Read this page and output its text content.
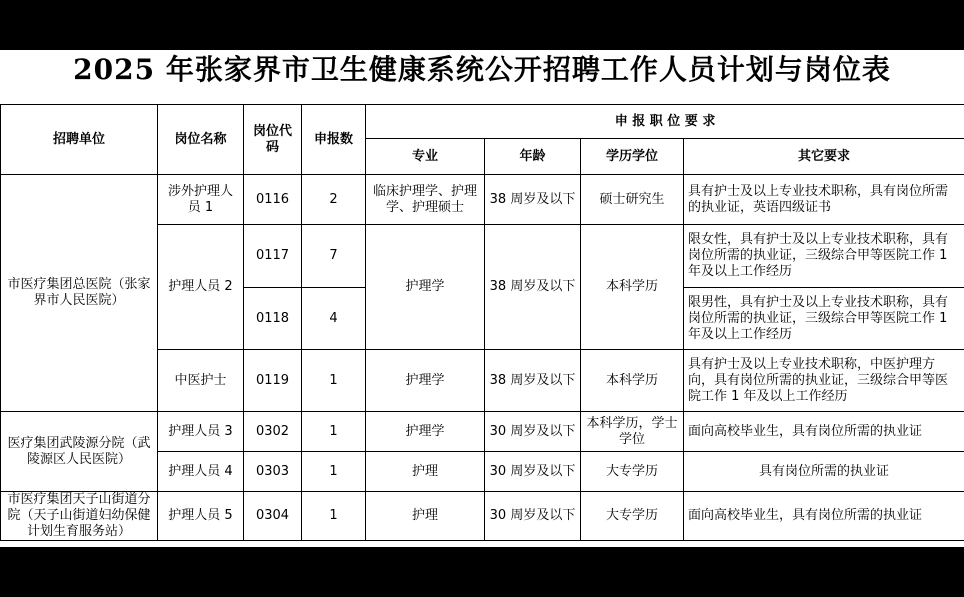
2025 年张家界市卫生健康系统公开招聘工作人员计划与岗位表
招聘单位	岗位名称	岗位代码	申报数	申 报 职 位 要 求			
				专业	年龄	学历学位	其它要求
市医疗集团总医院（张家界市人民医院）	涉外护理人员 1	0116	2	临床护理学、护理学、护理硕士	38 周岁及以下	硕士研究生	具有护士及以上专业技术职称，具有岗位所需的执业证，英语四级证书
	护理人员 2	0117	7	护理学	38 周岁及以下	本科学历	限女性，具有护士及以上专业技术职称，具有岗位所需的执业证，三级综合甲等医院工作 1 年及以上工作经历
		0118	4				限男性，具有护士及以上专业技术职称，具有岗位所需的执业证，三级综合甲等医院工作 1 年及以上工作经历
	中医护士	0119	1	护理学	38 周岁及以下	本科学历	具有护士及以上专业技术职称，中医护理方向，具有岗位所需的执业证，三级综合甲等医院工作 1 年及以上工作经历
医疗集团武陵源分院（武陵源区人民医院）	护理人员 3	0302	1	护理学	30 周岁及以下	本科学历，学士学位	面向高校毕业生，具有岗位所需的执业证
	护理人员 4	0303	1	护理	30 周岁及以下	大专学历	具有岗位所需的执业证
市医疗集团天子山街道分院（天子山街道妇幼保健计划生育服务站）	护理人员 5	0304	1	护理	30 周岁及以下	大专学历	面向高校毕业生，具有岗位所需的执业证
